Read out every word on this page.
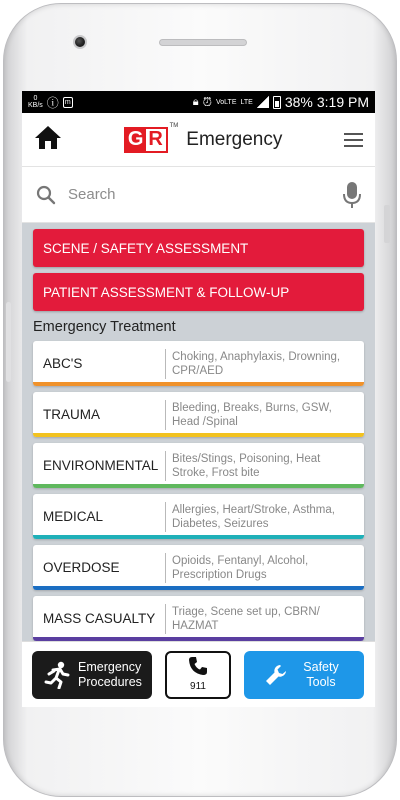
0
KB/s ⓘ m	🔒︎ ⏰︎ VoLTE LTE 38% 3:19 PM
G R
TM
Emergency
Search
SCENE / SAFETY ASSESSMENT
PATIENT ASSESSMENT & FOLLOW-UP
Emergency Treatment
ABC'S	Choking, Anaphylaxis, Drowning, CPR/AED
TRAUMA	Bleeding, Breaks, Burns, GSW, Head /Spinal
ENVIRONMENTAL	Bites/Stings, Poisoning, Heat Stroke, Frost bite
MEDICAL	Allergies, Heart/Stroke, Asthma, Diabetes, Seizures
OVERDOSE	Opioids, Fentanyl, Alcohol, Prescription Drugs
MASS CASUALTY	Triage, Scene set up, CBRN/ HAZMAT
Emergency Procedures	911
Safety Tools
